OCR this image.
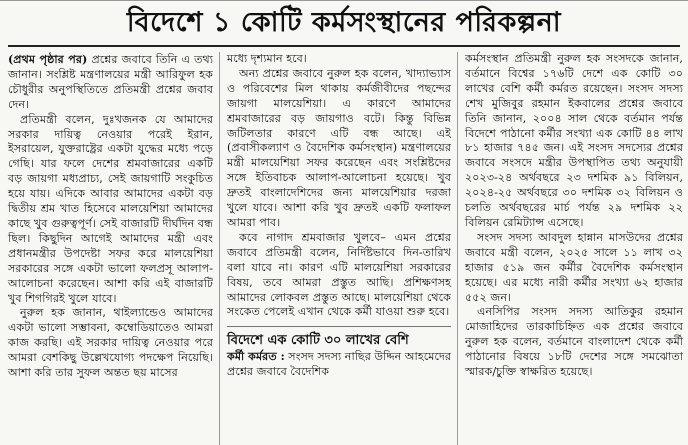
বিদেশে ১ কোটি কর্মসংস্থানের পরিকল্পনা

(প্রথম পৃষ্ঠার পর) প্রশ্নের জবাবে তিনি এ তথ্য জানান। সংশ্লিষ্ট মন্ত্রণালয়ের মন্ত্রী আরিফুল হক চৌধুরীর অনুপস্থিতিতে প্রতিমন্ত্রী প্রশ্নের জবাব দেন।

প্রতিমন্ত্রী বলেন, দুঃখজনক যে আমাদের সরকার দায়িত্ব নেওয়ার পরেই ইরান, ইসরায়েল, যুক্তরাষ্ট্রের একটা যুদ্ধের মধ্যে পড়ে গেছি। যার ফলে দেশের শ্রমবাজারের একটি বড় জায়গা মধ্যপ্রাচ্য, সেই জায়গাটি সংকুচিত হয়ে যায়। এদিকে আবার আমাদের একটা বড় দ্বিতীয় শ্রম খাত হিসেবে মালয়েশিয়া আমাদের কাছে খুব গুরুত্বপূর্ণ। সেই বাজারটি দীর্ঘদিন বন্ধ ছিল। কিছুদিন আগেই আমাদের মন্ত্রী এবং প্রধানমন্ত্রীর উপদেষ্টা সফর করে মালয়েশিয়া সরকারের সঙ্গে একটা ভালো ফলপ্রসূ আলাপ-আলোচনা করেছেন। আশা করি এই বাজারটি খুব শিগগিরই খুলে যাবে।

নুরুল হক জানান, থাইল্যান্ডেও আমাদের একটা ভালো সম্ভাবনা, কম্বোডিয়াতেও আমরা কাজ করছি। এই সরকার দায়িত্ব নেওয়ার পরে আমরা বেশকিছু উল্লেখযোগ্য পদক্ষেপ নিয়েছি। আশা করি তার সুফল অন্তত ছয় মাসের

মধ্যে দৃশ্যমান হবে।

অন্য প্রশ্নের জবাবে নুরুল হক বলেন, খাদ্যাভ্যাস ও পরিবেশের মিল থাকায় কর্মজীবীদের পছন্দের জায়গা মালয়েশিয়া। এ কারণে আমাদের শ্রমবাজারের বড় জায়গাও বটে। কিন্তু বিভিন্ন জটিলতার কারণে এটি বন্ধ আছে। এই (প্রবাসীকল্যাণ ও বৈদেশিক কর্মসংস্থান) মন্ত্রণালয়ের মন্ত্রী মালয়েশিয়া সফর করেছেন এবং সংশ্লিষ্টদের সঙ্গে ইতিবাচক আলাপ-আলোচনা হয়েছে। খুব দ্রুতই বাংলাদেশিদের জন্য মালয়েশিয়ার দরজা খুলে যাবে। আশা করি খুব দ্রুতই একটি ফলাফল আমরা পাব।

কবে নাগাদ শ্রমবাজার খুলবে– এমন প্রশ্নের জবাবে প্রতিমন্ত্রী বলেন, নির্দিষ্টভাবে দিন-তারিখ বলা যাবে না। কারণ এটি মালয়েশিয়া সরকারের বিষয়, তবে আমরা প্রস্তুত আছি। প্রশিক্ষণসহ আমাদের লোকবল প্রস্তুত আছে। মালয়েশিয়া থেকে সংকেত পেলেই এখান থেকে কর্মী যাওয়া শুরু হবে।

বিদেশে এক কোটি ৩০ লাখের বেশি

কর্মী কর্মরত : সংসদ সদস্য নাছির উদ্দিন আহমেদের প্রশ্নের জবাবে বৈদেশিক

কর্মসংস্থান প্রতিমন্ত্রী নুরুল হক সংসদকে জানান, বর্তমানে বিশ্বের ১৭৬টি দেশে এক কোটি ৩০ লাখের বেশি কর্মী কর্মরত রয়েছেন। সংসদ সদস্য শেখ মুজিবুর রহমান ইকবালের প্রশ্নের জবাবে তিনি জানান, ২০০৪ সাল থেকে বর্তমান পর্যন্ত বিদেশে পাঠানো কর্মীর সংখ্যা এক কোটি ৪৪ লাখ ৮১ হাজার ৭৪৫ জন। এই সংসদ সদস্যের প্রশ্নের জবাবে সংসদে মন্ত্রীর উপস্থাপিত তথ্য অনুযায়ী ২০২৩-২৪ অর্থবছরে ২৩ দশমিক ৯১ বিলিয়ন, ২০২৪-২৫ অর্থবছরে ৩০ দশমিক ৩২ বিলিয়ন ও চলতি অর্থবছরের মার্চ পর্যন্ত ২৯ দশমিক ২২ বিলিয়ন রেমিট্যান্স এসেছে।

সংসদ সদস্য আবদুল হান্নান মাসউদের প্রশ্নের জবাবে মন্ত্রী বলেন, ২০২৫ সালে ১১ লাখ ৩২ হাজার ৫১৯ জন কর্মীর বৈদেশিক কর্মসংস্থান হয়েছে। এর মধ্যে নারী কর্মীর সংখ্যা ৬২ হাজার ৫৫২ জন।

এনসিপির সংসদ সদস্য আতিকুর রহমান মোজাহিদের তারকাচিহ্নিত এক প্রশ্নের জবাবে নুরুল হক বলেন, বর্তমানে বাংলাদেশ থেকে কর্মী পাঠানোর বিষয়ে ১৮টি দেশের সঙ্গে সমঝোতা স্মারক/চুক্তি স্বাক্ষরিত হয়েছে।
